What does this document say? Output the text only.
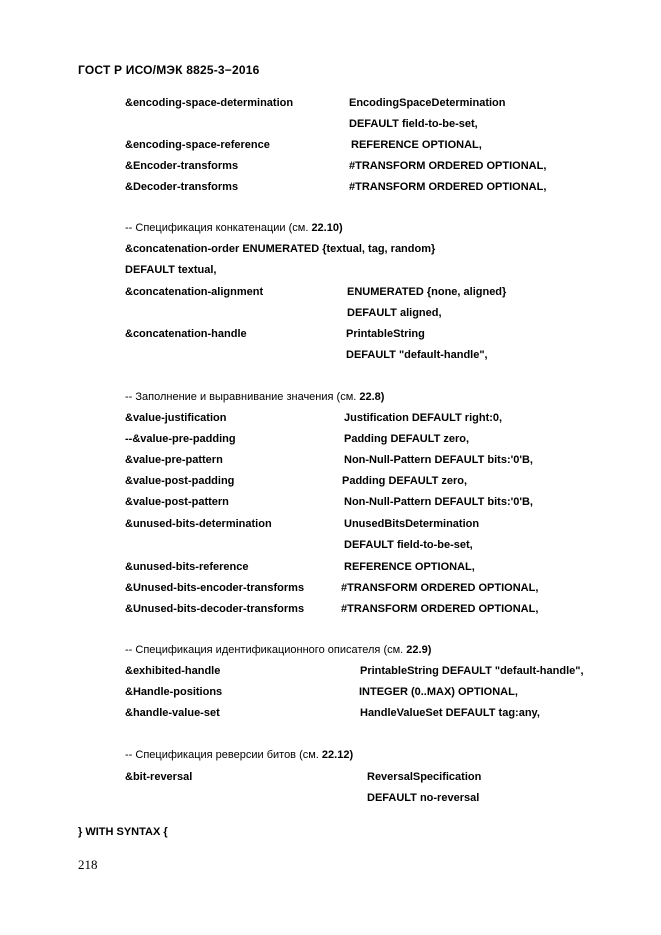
ГОСТ Р ИСО/МЭК 8825-3−2016
&encoding-space-determination	EncodingSpaceDetermination
DEFAULT field-to-be-set,
&encoding-space-reference	REFERENCE OPTIONAL,
&Encoder-transforms	#TRANSFORM ORDERED OPTIONAL,
&Decoder-transforms	#TRANSFORM ORDERED OPTIONAL,
-- Спецификация конкатенации (см. 22.10)
&concatenation-order ENUMERATED {textual, tag, random}
DEFAULT textual,
&concatenation-alignment	ENUMERATED {none, aligned}
DEFAULT aligned,
&concatenation-handle	PrintableString
DEFAULT "default-handle",
-- Заполнение и выравнивание значения (см. 22.8)
&value-justification	Justification DEFAULT right:0,
--&value-pre-padding	Padding DEFAULT zero,
&value-pre-pattern	Non-Null-Pattern DEFAULT bits:'0'B,
&value-post-padding	Padding DEFAULT zero,
&value-post-pattern	Non-Null-Pattern DEFAULT bits:'0'B,
&unused-bits-determination	UnusedBitsDetermination
DEFAULT field-to-be-set,
&unused-bits-reference	REFERENCE OPTIONAL,
&Unused-bits-encoder-transforms	#TRANSFORM ORDERED OPTIONAL,
&Unused-bits-decoder-transforms	#TRANSFORM ORDERED OPTIONAL,
-- Спецификация идентификационного описателя (см. 22.9)
&exhibited-handle	PrintableString DEFAULT "default-handle",
&Handle-positions	INTEGER (0..MAX) OPTIONAL,
&handle-value-set	HandleValueSet DEFAULT tag:any,
-- Спецификация реверсии битов (см. 22.12)
&bit-reversal	ReversalSpecification
DEFAULT no-reversal
} WITH SYNTAX {
218
